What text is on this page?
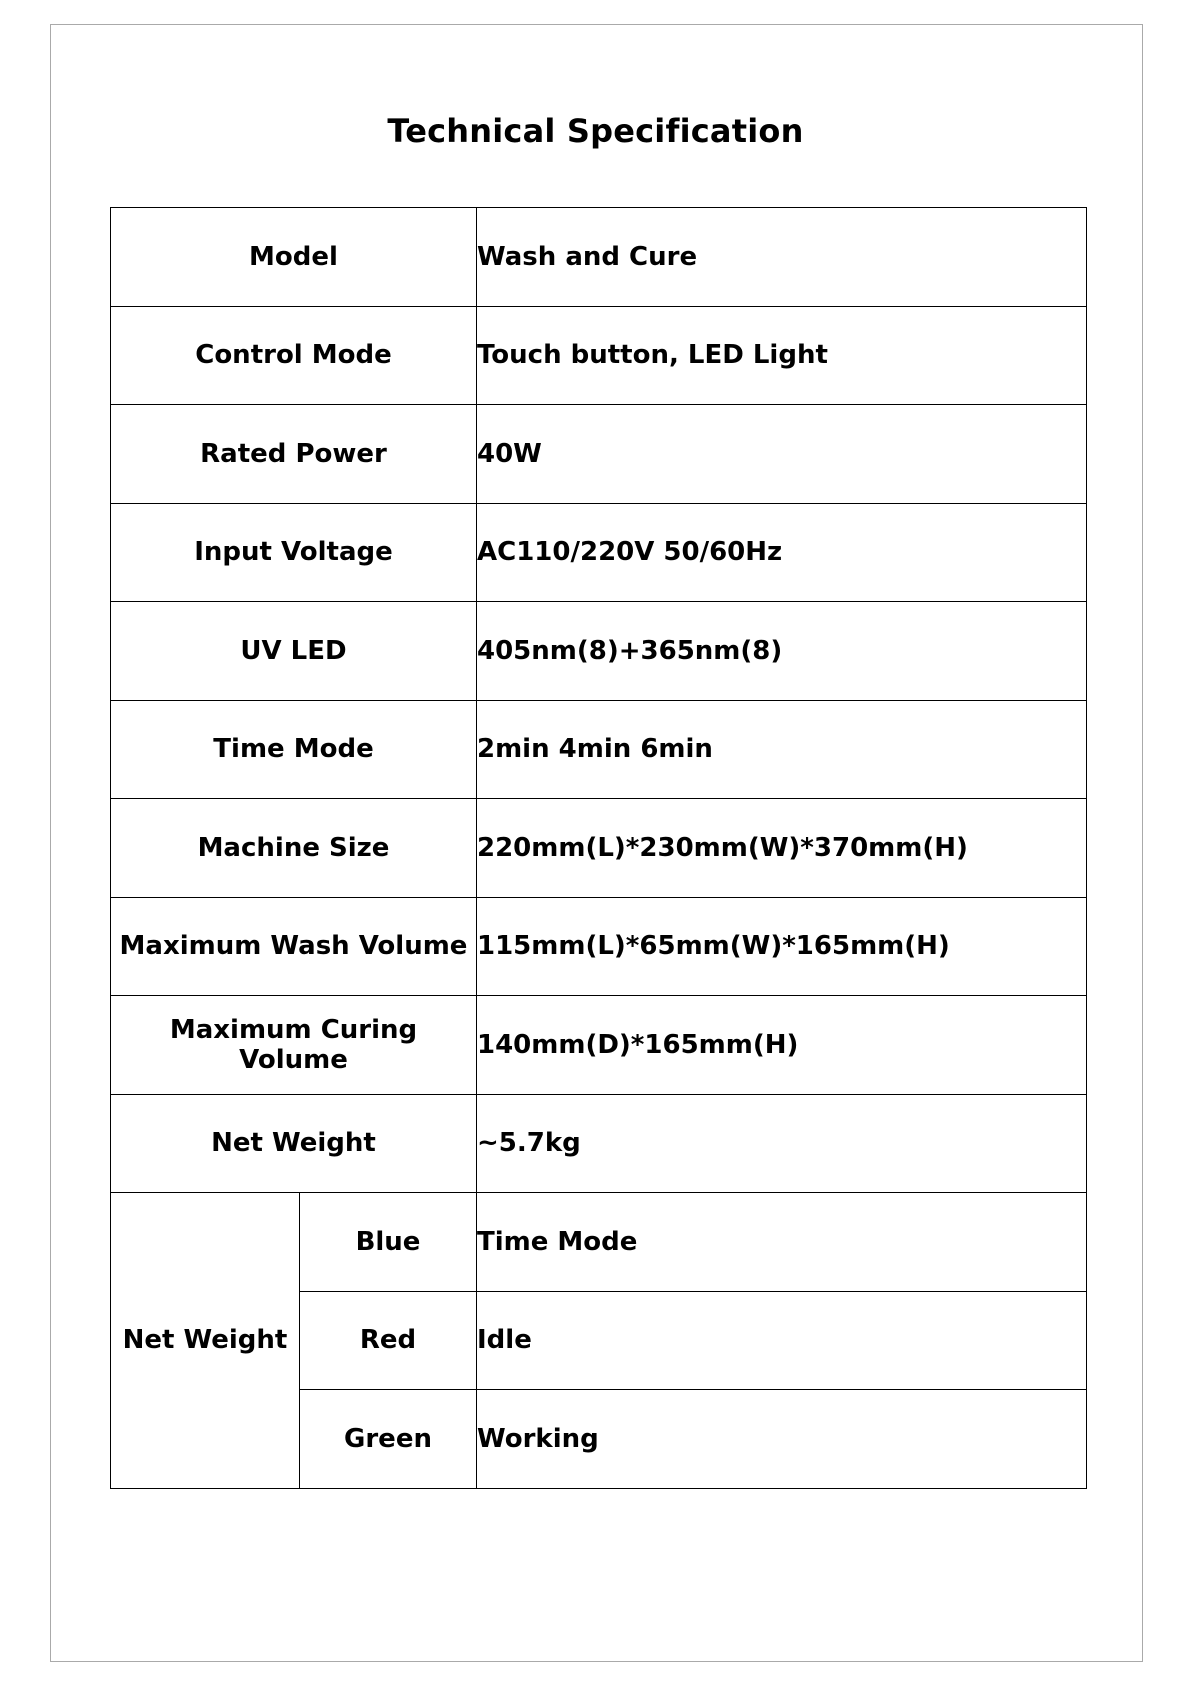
Technical Specification
Model		Wash and Cure
Control Mode		Touch button, LED Light
Rated Power		40W
Input Voltage		AC110/220V 50/60Hz
UV LED		405nm(8)+365nm(8)
Time Mode		2min 4min 6min
Machine Size		220mm(L)*230mm(W)*370mm(H)
Maximum Wash Volume		115mm(L)*65mm(W)*165mm(H)
Maximum Curing Volume		140mm(D)*165mm(H)
Net Weight		~5.7kg
Net Weight	Blue	Time Mode
	Red	Idle
	Green	Working
